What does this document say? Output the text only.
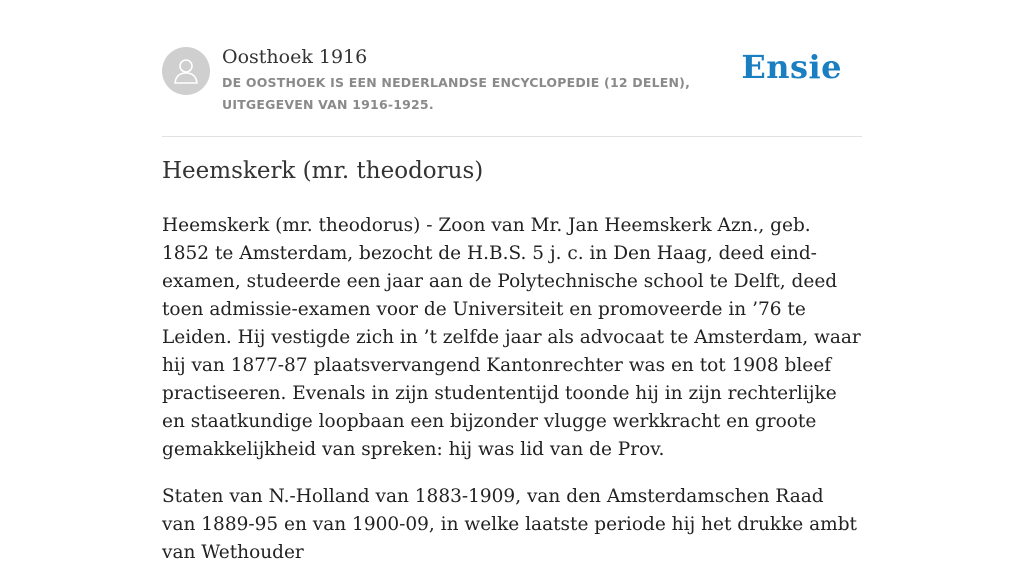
Oosthoek 1916
DE OOSTHOEK IS EEN NEDERLANDSE ENCYCLOPEDIE (12 DELEN), UITGEGEVEN VAN 1916-1925.
Ensie
Heemskerk (mr. theodorus)

Heemskerk (mr. theodorus) - Zoon van Mr. Jan Heemskerk Azn., geb. 1852 te Amsterdam, bezocht de H.B.S. 5 j. c. in Den Haag, deed eind-examen, studeerde een jaar aan de Polytechnische school te Delft, deed toen admissie-examen voor de Universiteit en promoveerde in ’76 te Leiden. Hij vestigde zich in ’t zelfde jaar als advocaat te Amsterdam, waar hij van 1877-87 plaatsvervangend Kantonrechter was en tot 1908 bleef practiseeren. Evenals in zijn studententijd toonde hij in zijn rechterlijke en staatkundige loopbaan een bijzonder vlugge werkkracht en groote gemakkelijkheid van spreken: hij was lid van de Prov.

Staten van N.-Holland van 1883-1909, van den Amsterdamschen Raad van 1889-95 en van 1900-09, in welke laatste periode hij het drukke ambt van Wethouder
